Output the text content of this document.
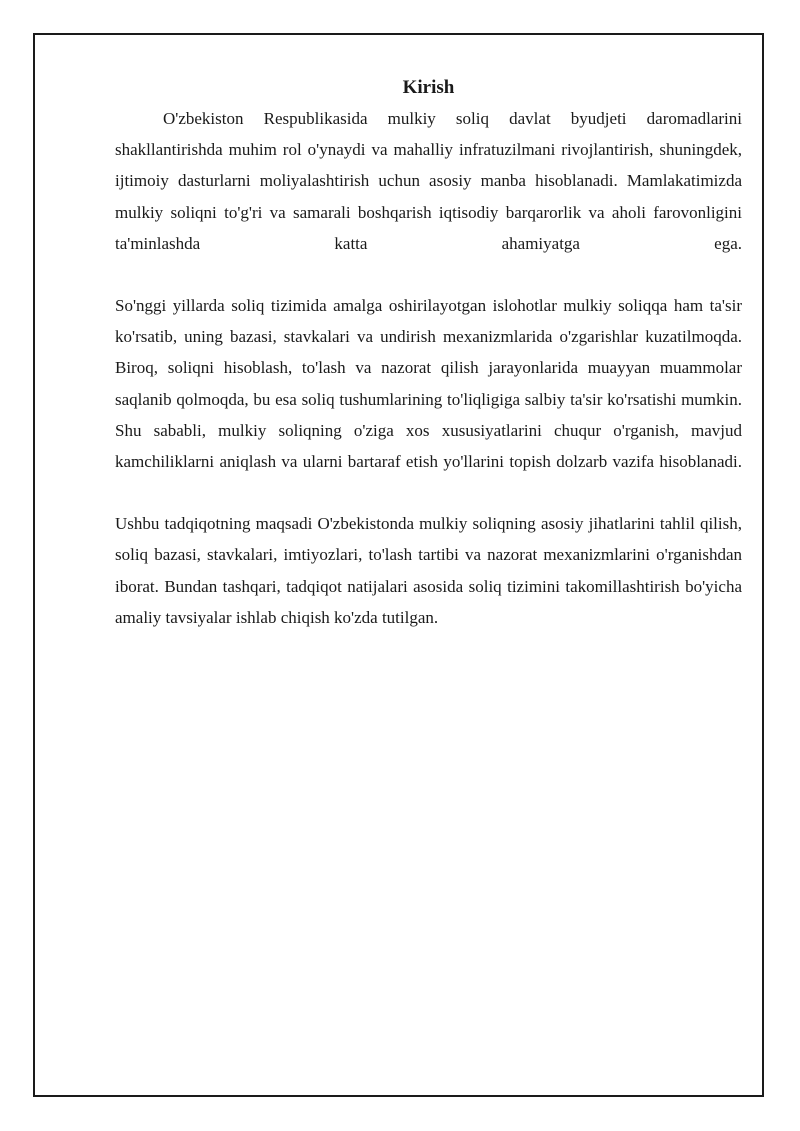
Kirish

O'zbekiston Respublikasida mulkiy soliq davlat byudjeti daromadlarini shakllantirishda muhim rol o'ynaydi va mahalliy infratuzilmani rivojlantirish, shuningdek, ijtimoiy dasturlarni moliyalashtirish uchun asosiy manba hisoblanadi. Mamlakatimizda mulkiy soliqni to'g'ri va samarali boshqarish iqtisodiy barqarorlik va aholi farovonligini ta'minlashda katta ahamiyatga ega.

So'nggi yillarda soliq tizimida amalga oshirilayotgan islohotlar mulkiy soliqqa ham ta'sir ko'rsatib, uning bazasi, stavkalari va undirish mexanizmlarida o'zgarishlar kuzatilmoqda. Biroq, soliqni hisoblash, to'lash va nazorat qilish jarayonlarida muayyan muammolar saqlanib qolmoqda, bu esa soliq tushumlarining to'liqligiga salbiy ta'sir ko'rsatishi mumkin. Shu sababli, mulkiy soliqning o'ziga xos xususiyatlarini chuqur o'rganish, mavjud kamchiliklarni aniqlash va ularni bartaraf etish yo'llarini topish dolzarb vazifa hisoblanadi.

Ushbu tadqiqotning maqsadi O'zbekistonda mulkiy soliqning asosiy jihatlarini tahlil qilish, soliq bazasi, stavkalari, imtiyozlari, to'lash tartibi va nazorat mexanizmlarini o'rganishdan iborat. Bundan tashqari, tadqiqot natijalari asosida soliq tizimini takomillashtirish bo'yicha amaliy tavsiyalar ishlab chiqish ko'zda tutilgan.
